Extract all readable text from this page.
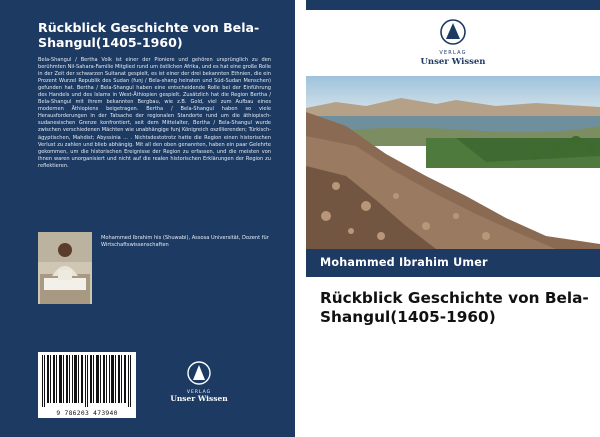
Rückblick Geschichte von Bela-Shangul(1405-1960)
Bela-Shangul / Bertha Volk ist einer der Pioniere und gehören ursprünglich zu den berühmten Nil-Sahara-Familie Mitglied rund um östlichen Afrika, und es hat eine große Rolle in der Zeit der schwarzen Sultanat gespielt, es ist einer der drei bekannten Ethnien, die ein Prozent Wurzel Republik des Sudan (funj / Bela-shang heiraten und Süd-Sudan Menschen) gefunden hat. Bertha / Bela-Shangul haben eine entscheidende Rolle bei der Einführung des Handels und des Islams in West-Äthiopien gespielt. Zusätzlich hat die Region Bertha / Bela-Shangul mit ihrem bekannten Bergbau, wie z.B. Gold, viel zum Aufbau eines modernen Äthiopiens beigetragen. Bertha / Bela-Shangul haben so viele Herausforderungen in der Tatsache der regionalen Standorte rund um die äthiopisch-sudanesischen Grenze konfrontiert, seit dem Mittelalter, Bertha / Bela-Shangul wurde zwischen verschiedenen Mächten wie unabhängige funj Königreich oszillierenden; Türkisch-ägyptischen, Mahdist; Abyssinia ... . Nichtsdestotrotz hatte die Region einen historischen Verlust zu zahlen und blieb abhängig. Mit all den oben genannten, haben ein paar Gelehrte gekommen, um die historischen Ereignisse der Region zu erfassen, und die meisten von ihnen waren unorganisiert und nicht auf die realen historischen Erklärungen der Region zu reflektieren.
Mohammed Ibrahim his (Shuwabi), Assosa Universität, Dozent für Wirtschaftswissenschaften
9 786203 473940
VERLAG
Unser Wissen
VERLAG
Unser Wissen
Mohammed Ibrahim Umer
Rückblick Geschichte von Bela-Shangul(1405-1960)
